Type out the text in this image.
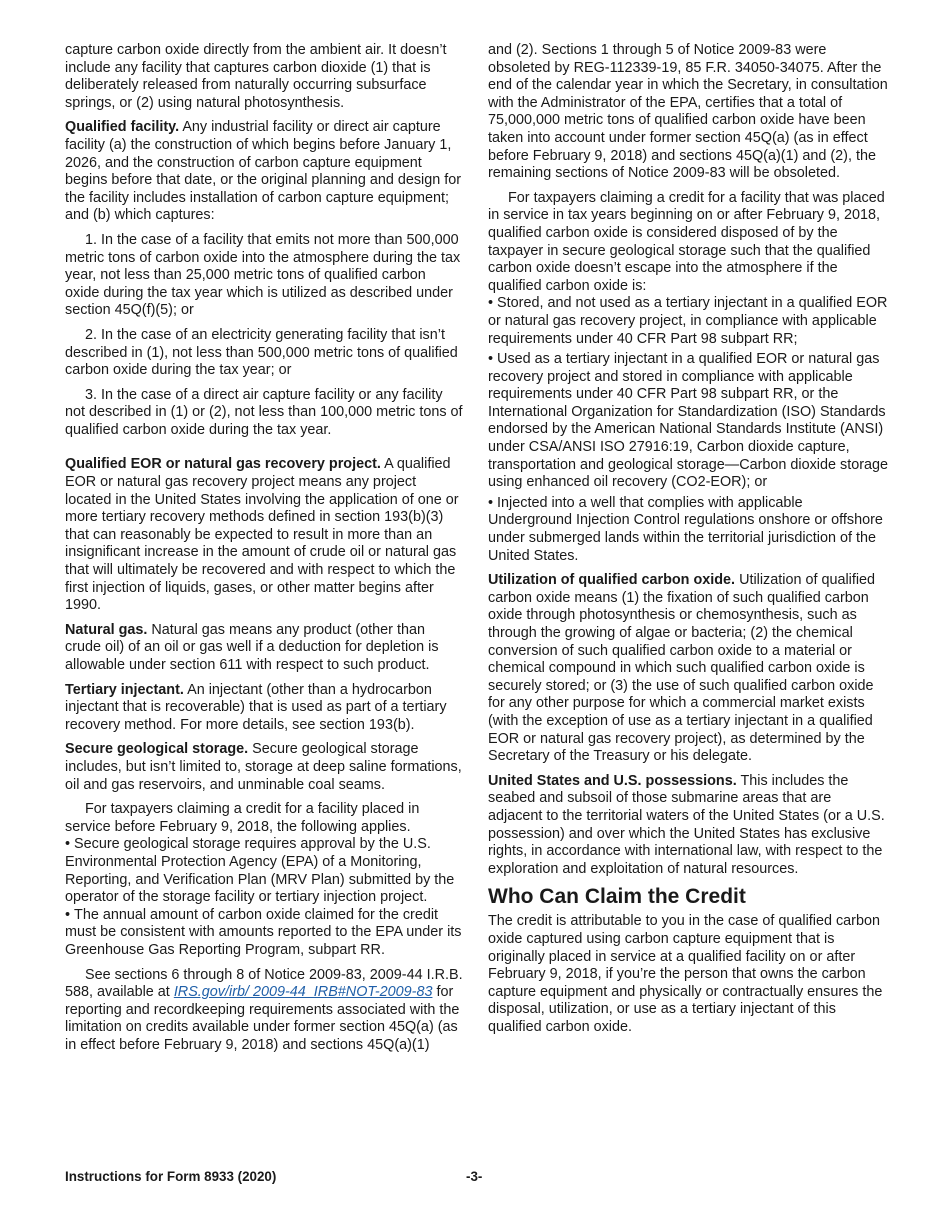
capture carbon oxide directly from the ambient air. It doesn’t include any facility that captures carbon dioxide (1) that is deliberately released from naturally occurring subsurface springs, or (2) using natural photosynthesis.

Qualified facility. Any industrial facility or direct air capture facility (a) the construction of which begins before January 1, 2026, and the construction of carbon capture equipment begins before that date, or the original planning and design for the facility includes installation of carbon capture equipment; and (b) which captures:

1. In the case of a facility that emits not more than 500,000 metric tons of carbon oxide into the atmosphere during the tax year, not less than 25,000 metric tons of qualified carbon oxide during the tax year which is utilized as described under section 45Q(f)(5); or

2. In the case of an electricity generating facility that isn’t described in (1), not less than 500,000 metric tons of qualified carbon oxide during the tax year; or

3. In the case of a direct air capture facility or any facility not described in (1) or (2), not less than 100,000 metric tons of qualified carbon oxide during the tax year.

Qualified EOR or natural gas recovery project. A qualified EOR or natural gas recovery project means any project located in the United States involving the application of one or more tertiary recovery methods defined in section 193(b)(3) that can reasonably be expected to result in more than an insignificant increase in the amount of crude oil or natural gas that will ultimately be recovered and with respect to which the first injection of liquids, gases, or other matter begins after 1990.

Natural gas. Natural gas means any product (other than crude oil) of an oil or gas well if a deduction for depletion is allowable under section 611 with respect to such product.

Tertiary injectant. An injectant (other than a hydrocarbon injectant that is recoverable) that is used as part of a tertiary recovery method. For more details, see section 193(b).

Secure geological storage. Secure geological storage includes, but isn’t limited to, storage at deep saline formations, oil and gas reservoirs, and unminable coal seams.

For taxpayers claiming a credit for a facility placed in service before February 9, 2018, the following applies.

• Secure geological storage requires approval by the U.S. Environmental Protection Agency (EPA) of a Monitoring, Reporting, and Verification Plan (MRV Plan) submitted by the operator of the storage facility or tertiary injection project.

• The annual amount of carbon oxide claimed for the credit must be consistent with amounts reported to the EPA under its Greenhouse Gas Reporting Program, subpart RR.

See sections 6 through 8 of Notice 2009-83, 2009-44 I.R.B. 588, available at IRS.gov/irb/ 2009-44_IRB#NOT-2009-83 for reporting and recordkeeping requirements associated with the limitation on credits available under former section 45Q(a) (as in effect before February 9, 2018) and sections 45Q(a)(1)

and (2). Sections 1 through 5 of Notice 2009-83 were obsoleted by REG-112339-19, 85 F.R. 34050-34075. After the end of the calendar year in which the Secretary, in consultation with the Administrator of the EPA, certifies that a total of 75,000,000 metric tons of qualified carbon oxide have been taken into account under former section 45Q(a) (as in effect before February 9, 2018) and sections 45Q(a)(1) and (2), the remaining sections of Notice 2009-83 will be obsoleted.

For taxpayers claiming a credit for a facility that was placed in service in tax years beginning on or after February 9, 2018, qualified carbon oxide is considered disposed of by the taxpayer in secure geological storage such that the qualified carbon oxide doesn’t escape into the atmosphere if the qualified carbon oxide is:

• Stored, and not used as a tertiary injectant in a qualified EOR or natural gas recovery project, in compliance with applicable requirements under 40 CFR Part 98 subpart RR;

• Used as a tertiary injectant in a qualified EOR or natural gas recovery project and stored in compliance with applicable requirements under 40 CFR Part 98 subpart RR, or the International Organization for Standardization (ISO) Standards endorsed by the American National Standards Institute (ANSI) under CSA/ANSI ISO 27916:19, Carbon dioxide capture, transportation and geological storage—Carbon dioxide storage using enhanced oil recovery (CO2-EOR); or

• Injected into a well that complies with applicable Underground Injection Control regulations onshore or offshore under submerged lands within the territorial jurisdiction of the United States.

Utilization of qualified carbon oxide. Utilization of qualified carbon oxide means (1) the fixation of such qualified carbon oxide through photosynthesis or chemosynthesis, such as through the growing of algae or bacteria; (2) the chemical conversion of such qualified carbon oxide to a material or chemical compound in which such qualified carbon oxide is securely stored; or (3) the use of such qualified carbon oxide for any other purpose for which a commercial market exists (with the exception of use as a tertiary injectant in a qualified EOR or natural gas recovery project), as determined by the Secretary of the Treasury or his delegate.

United States and U.S. possessions. This includes the seabed and subsoil of those submarine areas that are adjacent to the territorial waters of the United States (or a U.S. possession) and over which the United States has exclusive rights, in accordance with international law, with respect to the exploration and exploitation of natural resources.

Who Can Claim the Credit

The credit is attributable to you in the case of qualified carbon oxide captured using carbon capture equipment that is originally placed in service at a qualified facility on or after February 9, 2018, if you’re the person that owns the carbon capture equipment and physically or contractually ensures the disposal, utilization, or use as a tertiary injectant of this qualified carbon oxide.

Instructions for Form 8933 (2020)	-3-
